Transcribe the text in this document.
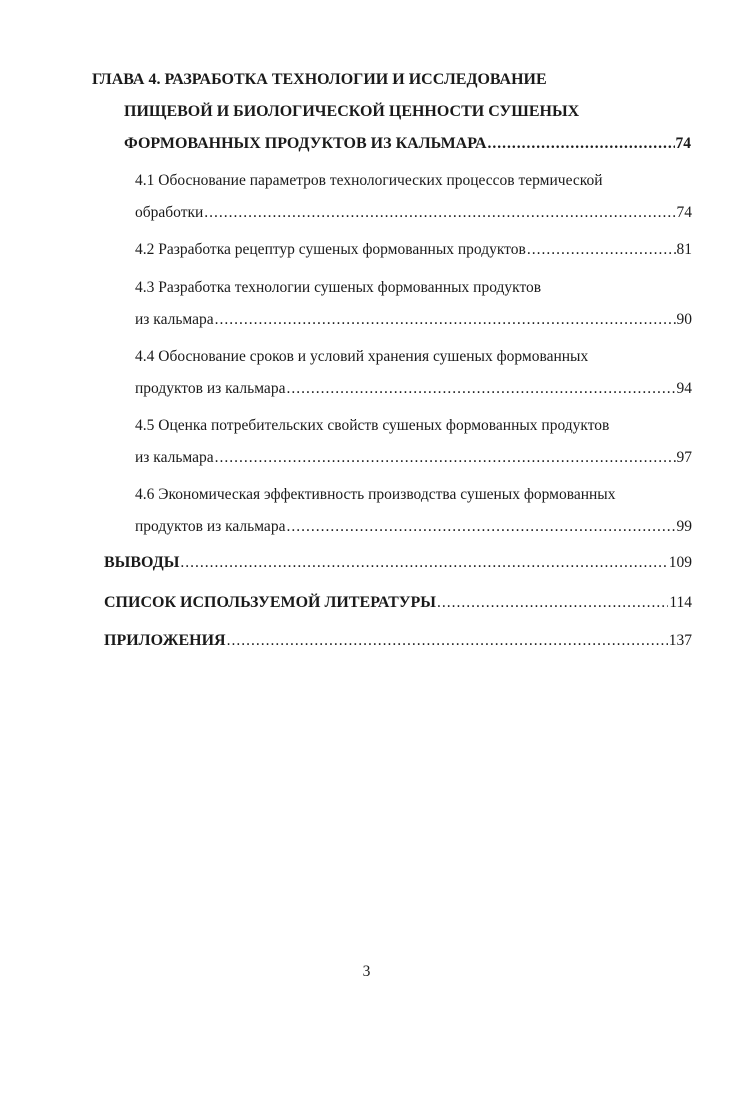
ГЛАВА 4. РАЗРАБОТКА ТЕХНОЛОГИИ И ИССЛЕДОВАНИЕ
ПИЩЕВОЙ И БИОЛОГИЧЕСКОЙ ЦЕННОСТИ СУШЕНЫХ
ФОРМОВАННЫХ ПРОДУКТОВ ИЗ КАЛЬМАРА .....	74
4.1 Обоснование параметров технологических процессов термической
обработки .....	74
4.2 Разработка рецептур сушеных формованных продуктов .....	81
4.3 Разработка технологии сушеных формованных продуктов
из кальмара .....	90
4.4 Обоснование сроков и условий хранения сушеных формованных
продуктов из кальмара .....	94
4.5 Оценка потребительских свойств сушеных формованных продуктов
из кальмара .....	97
4.6 Экономическая эффективность производства сушеных формованных
продуктов из кальмара .....	99
ВЫВОДЫ .....	109
СПИСОК ИСПОЛЬЗУЕМОЙ ЛИТЕРАТУРЫ .....	114
ПРИЛОЖЕНИЯ .....	137
3
